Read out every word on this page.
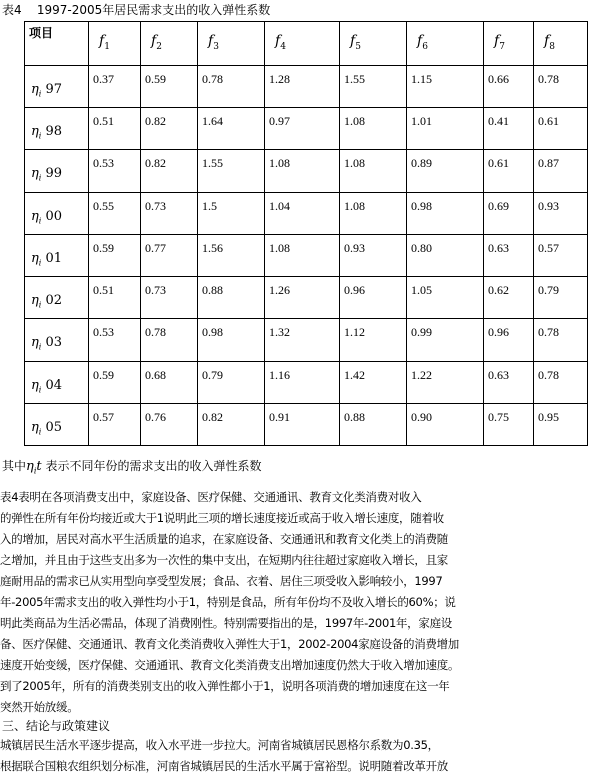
表4    1997-2005年居民需求支出的收入弹性系数
项目	$f_1$	$f_2$	$f_3$	$f_4$	$f_5$	$f_6$	$f_7$	$f_8$

$\eta_i$ 97	0.37	0.59	0.78	1.28	1.55	1.15	0.66	0.78

$\eta_i$ 98	0.51	0.82	1.64	0.97	1.08	1.01	0.41	0.61

$\eta_i$ 99	0.53	0.82	1.55	1.08	1.08	0.89	0.61	0.87

$\eta_i$ 00	0.55	0.73	1.5	1.04	1.08	0.98	0.69	0.93

$\eta_i$ 01	0.59	0.77	1.56	1.08	0.93	0.80	0.63	0.57

$\eta_i$ 02	0.51	0.73	0.88	1.26	0.96	1.05	0.62	0.79

$\eta_i$ 03	0.53	0.78	0.98	1.32	1.12	0.99	0.96	0.78

$\eta_i$ 04	0.59	0.68	0.79	1.16	1.42	1.22	0.63	0.78

$\eta_i$ 05	0.57	0.76	0.82	0.91	0.88	0.90	0.75	0.95
其中$\eta_it$ 表示不同年份的需求支出的收入弹性系数
表4表明在各项消费支出中，家庭设备、医疗保健、交通通讯、教育文化类消费对收入
的弹性在所有年份均接近或大于1说明此三项的增长速度接近或高于收入增长速度，随着收
入的增加，居民对高水平生活质量的追求，在家庭设备、交通通讯和教育文化类上的消费随
之增加，并且由于这些支出多为一次性的集中支出，在短期内往往超过家庭收入增长，且家
庭耐用品的需求已从实用型向享受型发展；食品、衣着、居住三项受收入影响较小，1997
年-2005年需求支出的收入弹性均小于1，特别是食品，所有年份均不及收入增长的60%；说
明此类商品为生活必需品，体现了消费刚性。特别需要指出的是，1997年-2001年，家庭设
备、医疗保健、交通通讯、教育文化类消费收入弹性大于1，2002-2004家庭设备的消费增加
速度开始变缓，医疗保健、交通通讯、教育文化类消费支出增加速度仍然大于收入增加速度。
到了2005年，所有的消费类别支出的收入弹性都小于1，说明各项消费的增加速度在这一年
突然开始放缓。
三、结论与政策建议
城镇居民生活水平逐步提高，收入水平进一步拉大。河南省城镇居民恩格尔系数为0.35，
根据联合国粮农组织划分标准，河南省城镇居民的生活水平属于富裕型。说明随着改革开放
